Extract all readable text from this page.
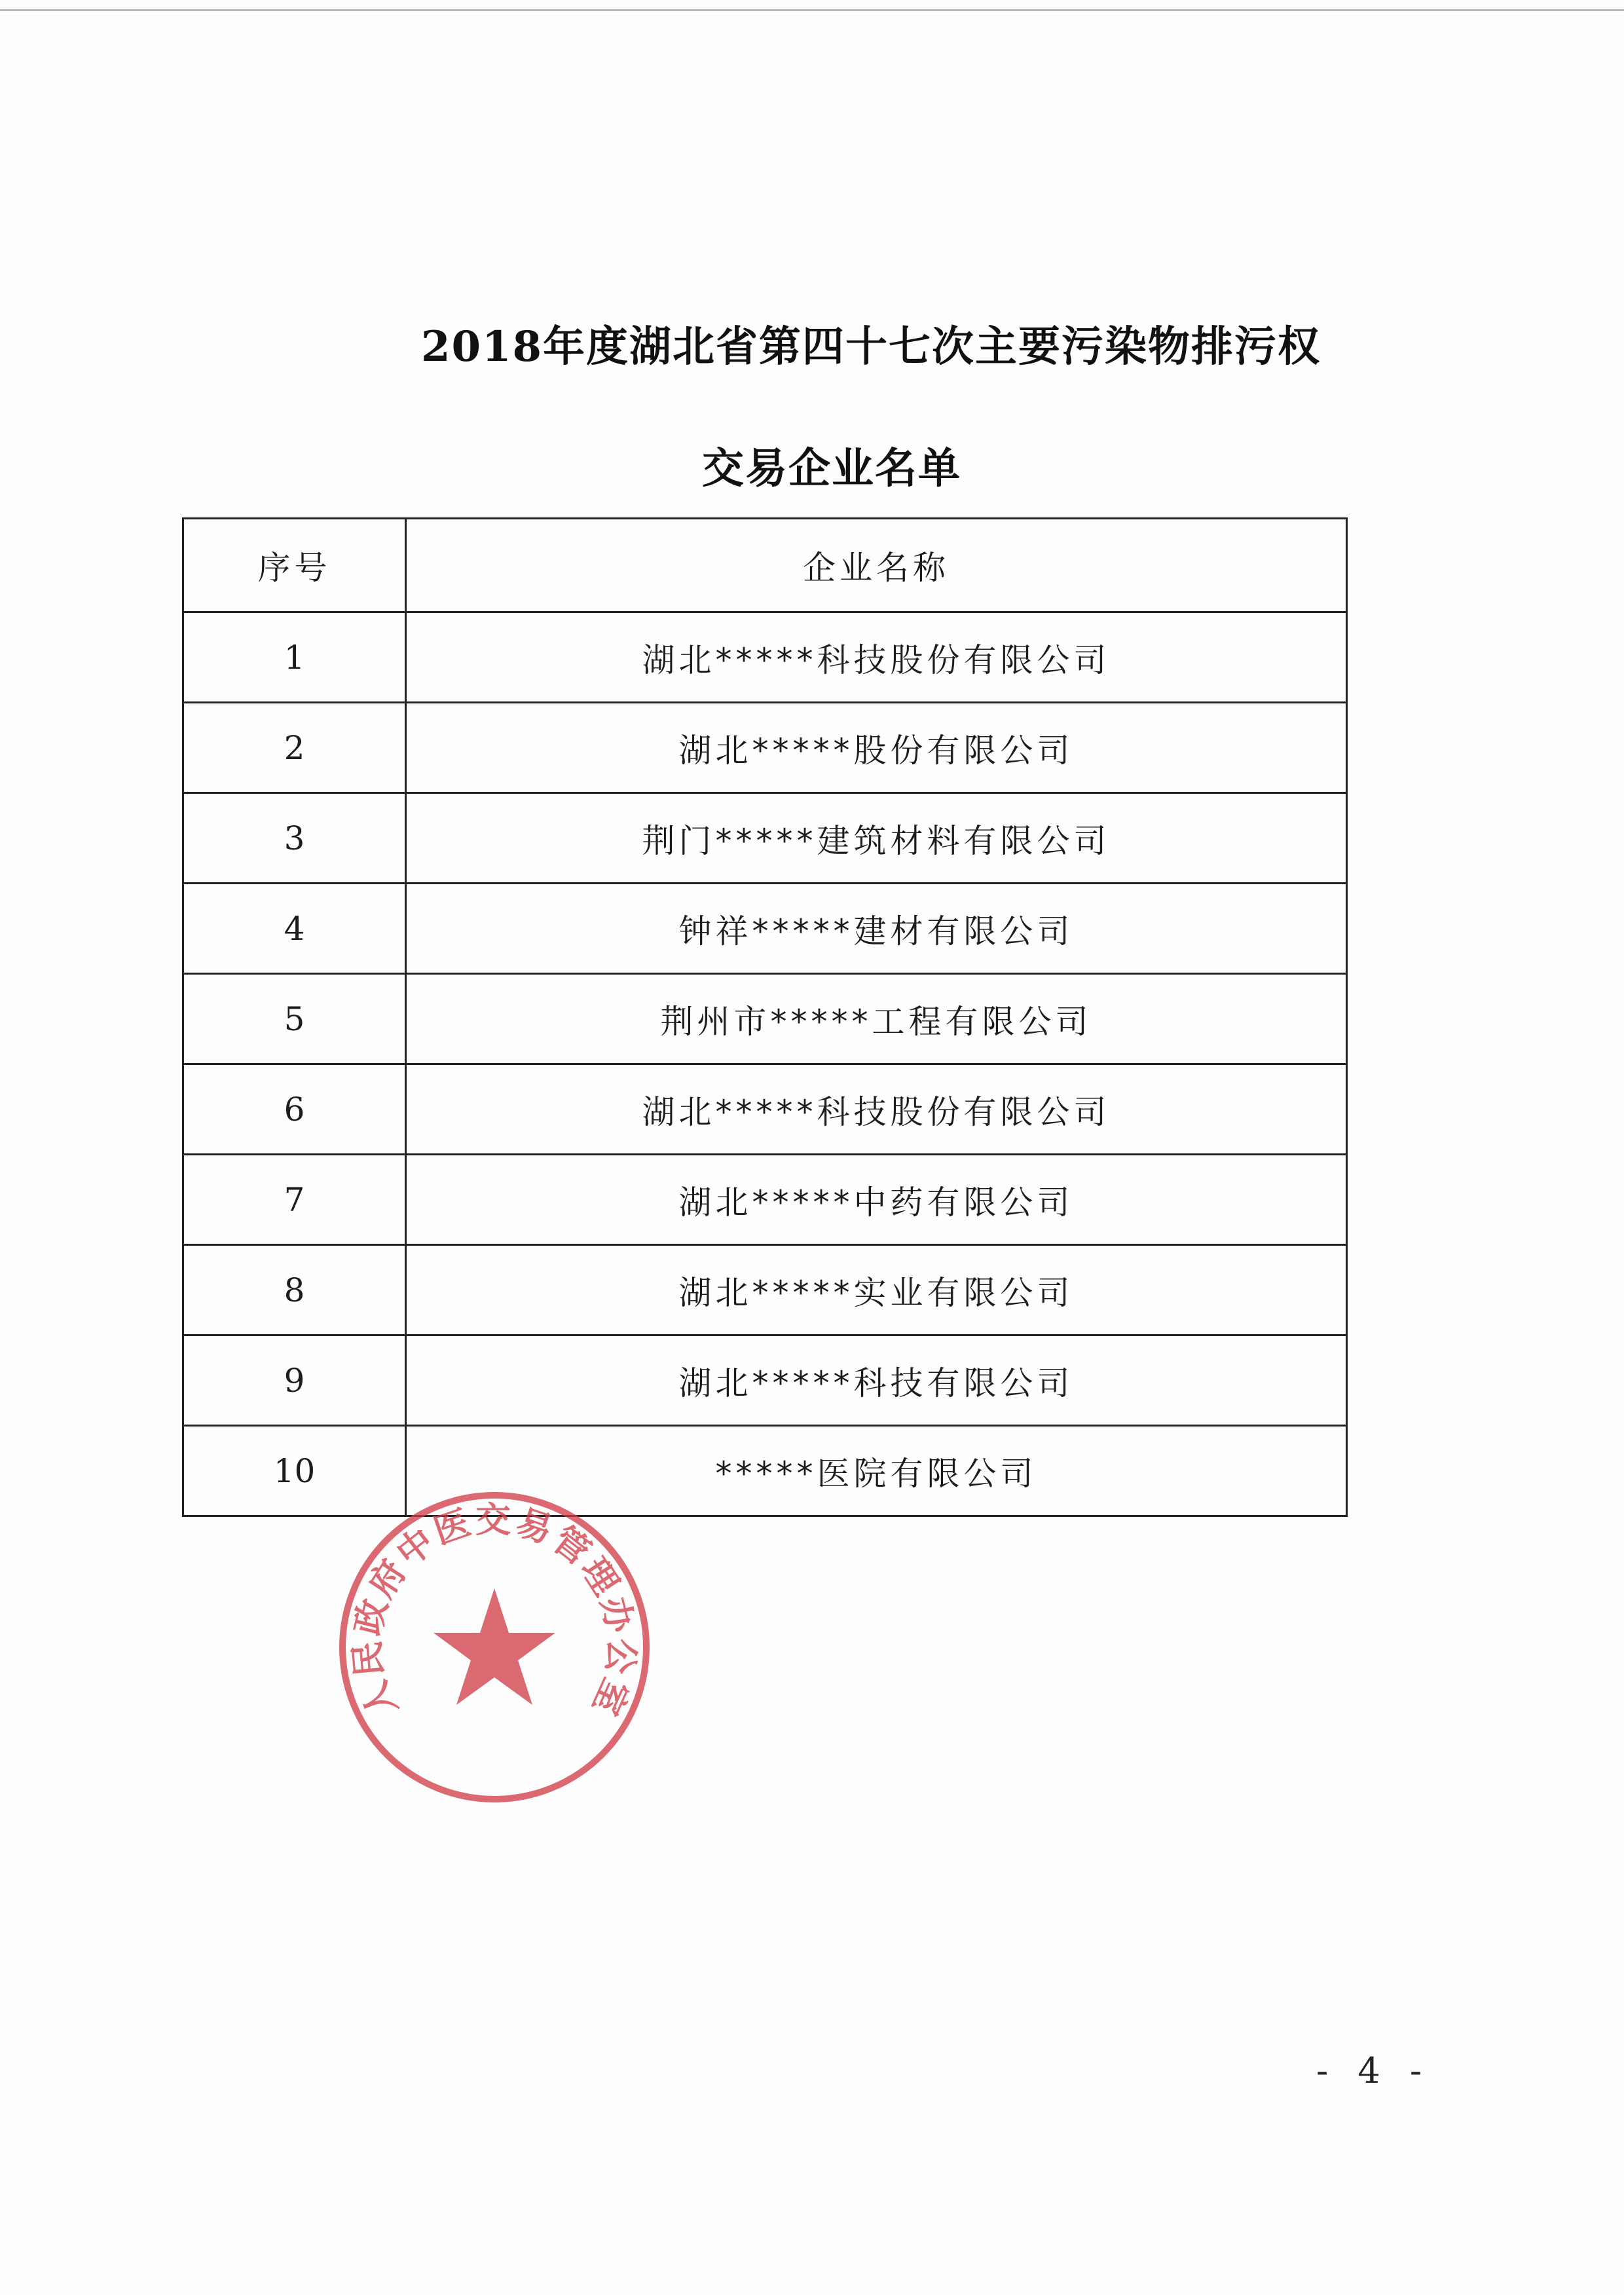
2018年度湖北省第四十七次主要污染物排污权
交易企业名单
序号	企业名称
1	湖北*****科技股份有限公司
2	湖北*****股份有限公司
3	荆门*****建筑材料有限公司
4	钟祥*****建材有限公司
5	荆州市*****工程有限公司
6	湖北*****科技股份有限公司
7	湖北*****中药有限公司
8	湖北*****实业有限公司
9	湖北*****科技有限公司
10	*****医院有限公司
人民政府中医交易管理办公室
- 4 -
